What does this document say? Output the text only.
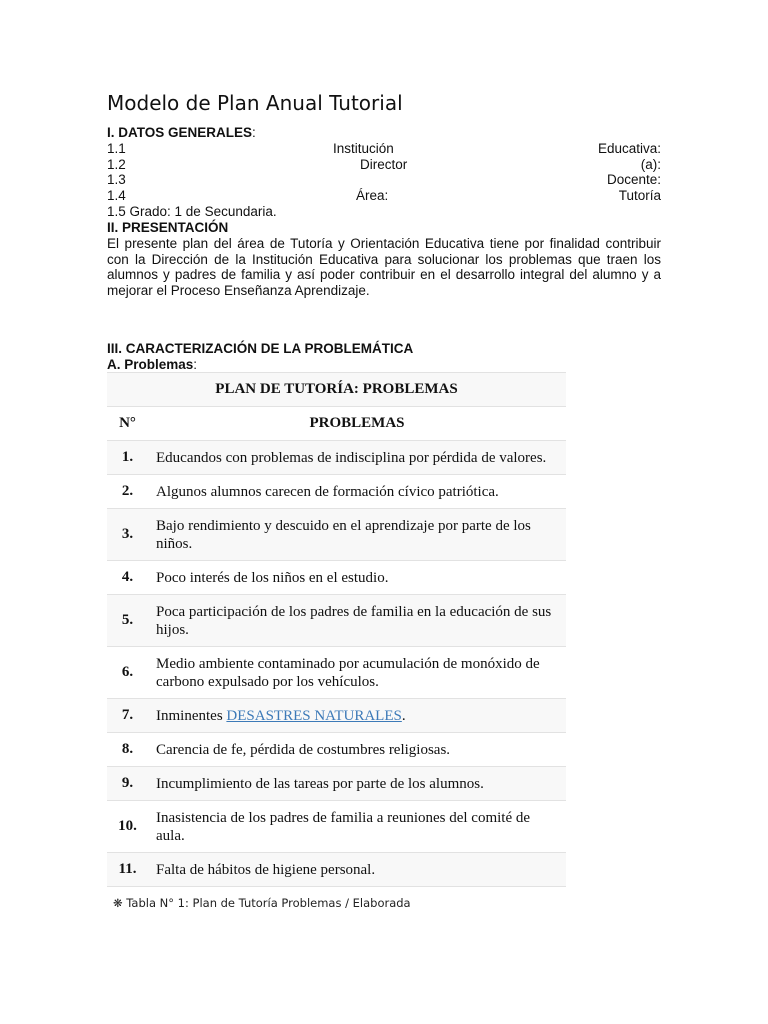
Modelo de Plan Anual Tutorial
I. DATOS GENERALES:
1.1	Institución	Educativa:
1.2	Director	(a):
1.3	Docente:
1.4	Área:	Tutoría
1.5 Grado: 1 de Secundaria.
II. PRESENTACIÓN
El presente plan del área de Tutoría y Orientación Educativa tiene por finalidad contribuir con la Dirección de la Institución Educativa para solucionar los problemas que traen los alumnos y padres de familia y así poder contribuir en el desarrollo integral del alumno y a mejorar el Proceso Enseñanza Aprendizaje.
III. CARACTERIZACIÓN DE LA PROBLEMÁTICA
A. Problemas:
PLAN DE TUTORÍA: PROBLEMAS	
N°	PROBLEMAS
1.	Educandos con problemas de indisciplina por pérdida de valores.
2.	Algunos alumnos carecen de formación cívico patriótica.
3.	Bajo rendimiento y descuido en el aprendizaje por parte de los niños.
4.	Poco interés de los niños en el estudio.
5.	Poca participación de los padres de familia en la educación de sus hijos.
6.	Medio ambiente contaminado por acumulación de monóxido de carbono expulsado por los vehículos.
7.	Inminentes DESASTRES NATURALES.
8.	Carencia de fe, pérdida de costumbres religiosas.
9.	Incumplimiento de las tareas por parte de los alumnos.
10.	Inasistencia de los padres de familia a reuniones del comité de aula.
11.	Falta de hábitos de higiene personal.
❋ Tabla N° 1: Plan de Tutoría Problemas / Elaborada
